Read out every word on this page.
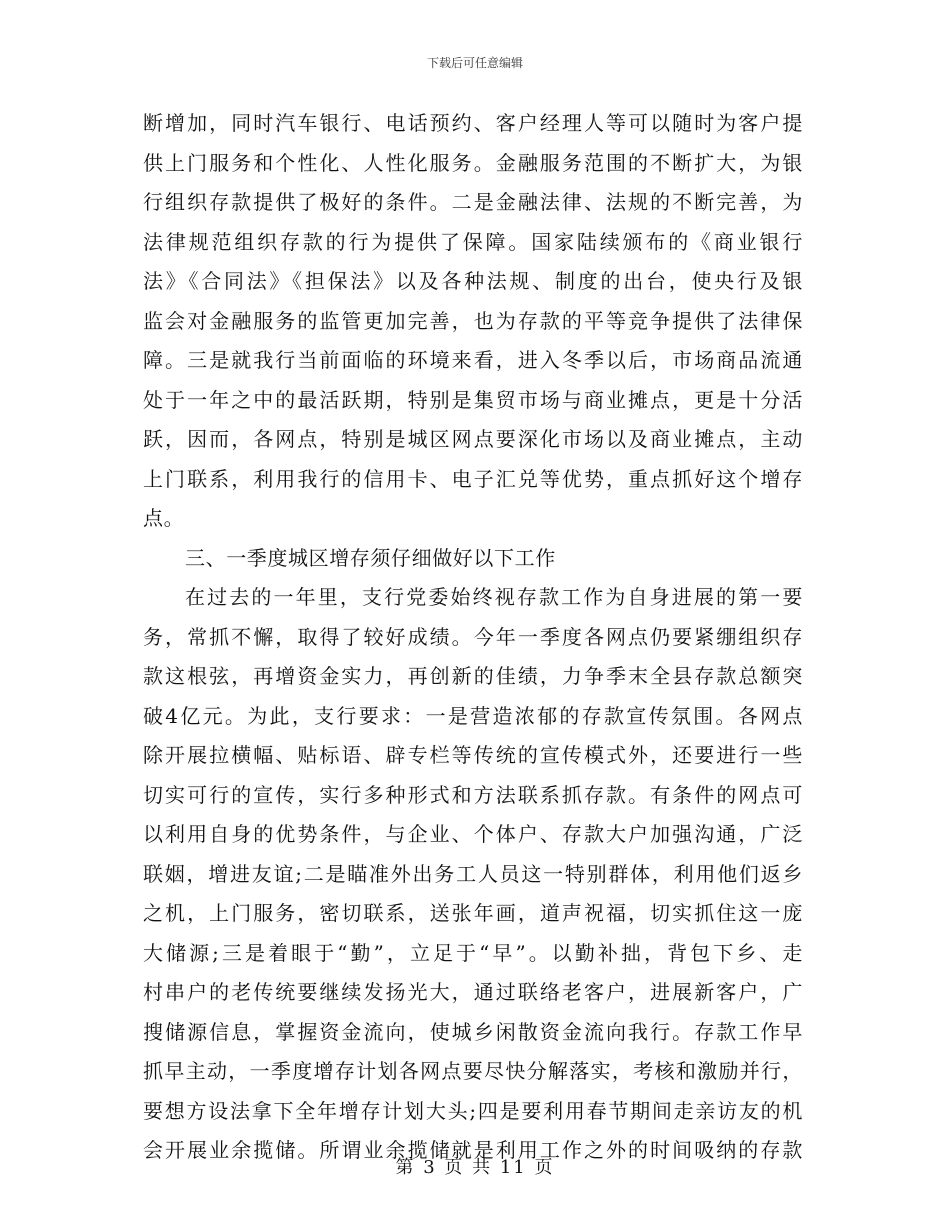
下载后可任意编辑
断增加，同时汽车银行、电话预约、客户经理人等可以随时为客户提
供上门服务和个性化、人性化服务。金融服务范围的不断扩大，为银
行组织存款提供了极好的条件。二是金融法律、法规的不断完善，为
法律规范组织存款的行为提供了保障。国家陆续颁布的《商业银行
法》《合同法》《担保法》以及各种法规、制度的出台，使央行及银
监会对金融服务的监管更加完善，也为存款的平等竞争提供了法律保
障。三是就我行当前面临的环境来看，进入冬季以后，市场商品流通
处于一年之中的最活跃期，特别是集贸市场与商业摊点，更是十分活
跃，因而，各网点，特别是城区网点要深化市场以及商业摊点，主动
上门联系，利用我行的信用卡、电子汇兑等优势，重点抓好这个增存
点。
三、一季度城区增存须仔细做好以下工作
在过去的一年里，支行党委始终视存款工作为自身进展的第一要
务，常抓不懈，取得了较好成绩。今年一季度各网点仍要紧绷组织存
款这根弦，再增资金实力，再创新的佳绩，力争季末全县存款总额突
破4亿元。为此，支行要求：一是营造浓郁的存款宣传氛围。各网点
除开展拉横幅、贴标语、辟专栏等传统的宣传模式外，还要进行一些
切实可行的宣传，实行多种形式和方法联系抓存款。有条件的网点可
以利用自身的优势条件，与企业、个体户、存款大户加强沟通，广泛
联姻，增进友谊;二是瞄准外出务工人员这一特别群体，利用他们返乡
之机，上门服务，密切联系，送张年画，道声祝福，切实抓住这一庞
大储源;三是着眼于“勤”，立足于“早”。以勤补拙，背包下乡、走
村串户的老传统要继续发扬光大，通过联络老客户，进展新客户，广
搜储源信息，掌握资金流向，使城乡闲散资金流向我行。存款工作早
抓早主动，一季度增存计划各网点要尽快分解落实，考核和激励并行，
要想方设法拿下全年增存计划大头;四是要利用春节期间走亲访友的机
会开展业余揽储。所谓业余揽储就是利用工作之外的时间吸纳的存款
第 3 页 共 11 页
